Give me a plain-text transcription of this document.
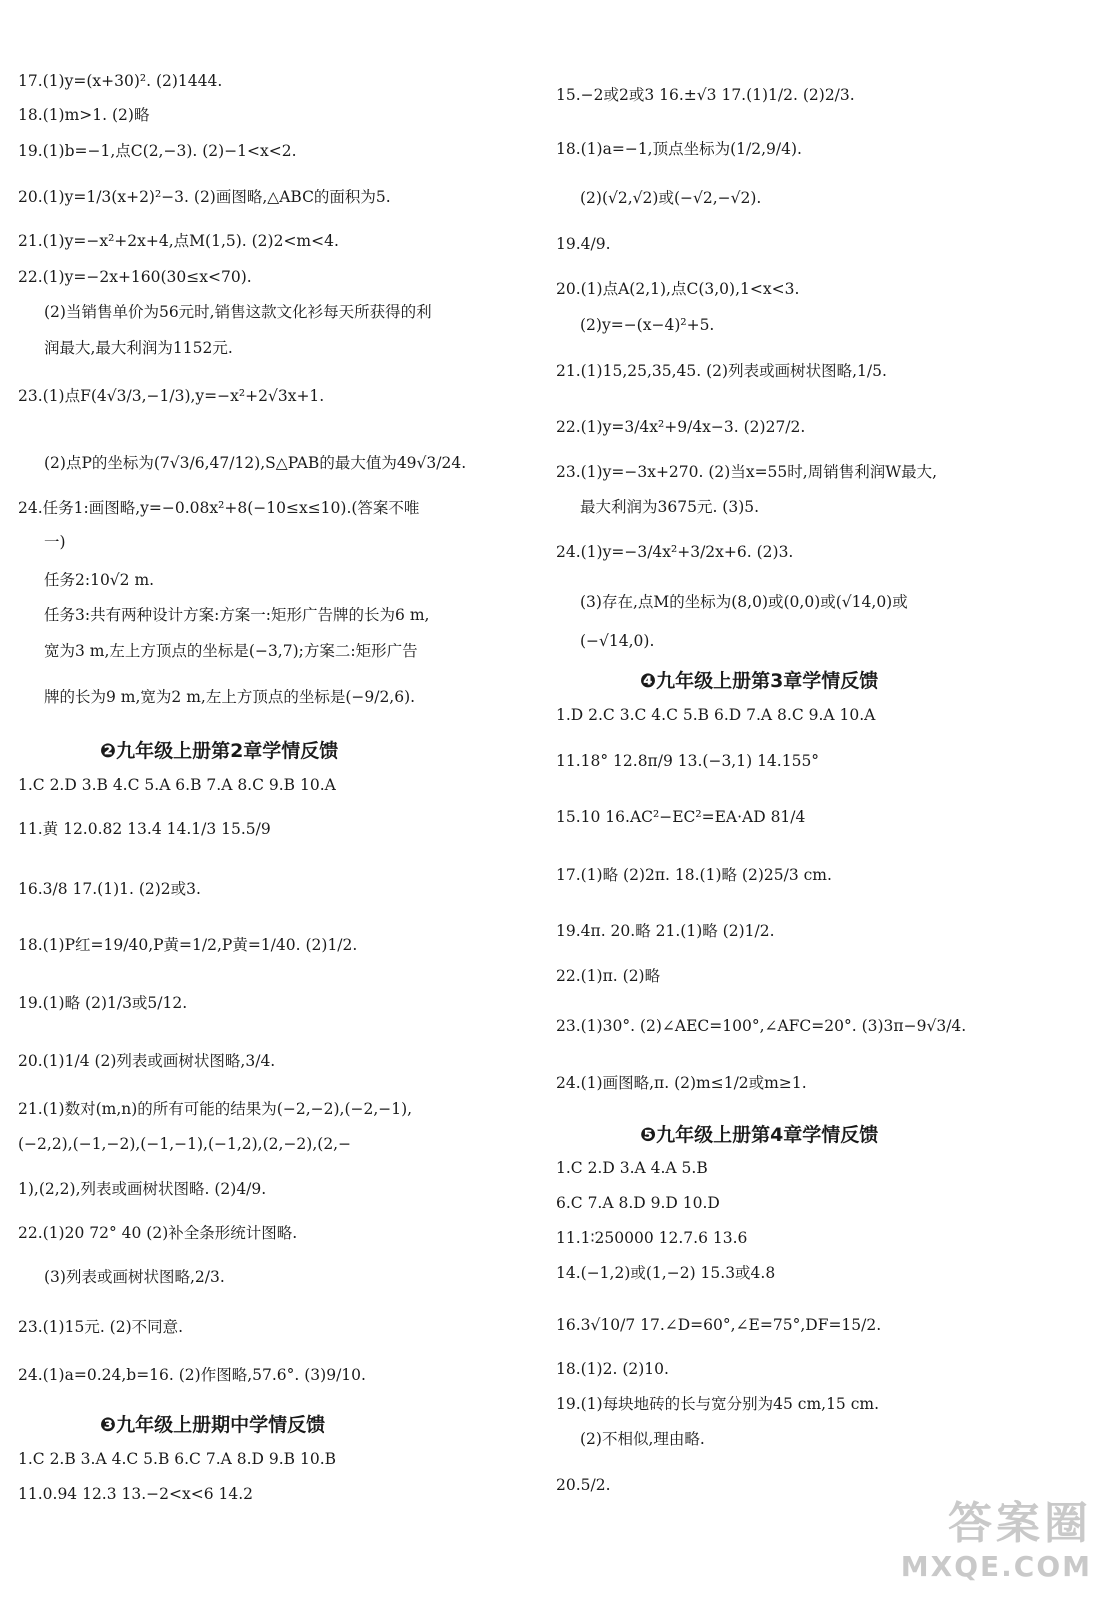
17.(1)y=(x+30)². (2)1444.
18.(1)m>1. (2)略
19.(1)b=−1,点C(2,−3). (2)−1<x<2.
20.(1)y=1/3(x+2)²−3. (2)画图略,△ABC的面积为5.
21.(1)y=−x²+2x+4,点M(1,5). (2)2<m<4.
22.(1)y=−2x+160(30≤x<70).
(2)当销售单价为56元时,销售这款文化衫每天所获得的利
润最大,最大利润为1152元.
23.(1)点F(4√3/3,−1/3),y=−x²+2√3x+1.
(2)点P的坐标为(7√3/6,47/12),S△PAB的最大值为49√3/24.
24.任务1:画图略,y=−0.08x²+8(−10≤x≤10).(答案不唯
一)
任务2:10√2 m.
任务3:共有两种设计方案:方案一:矩形广告牌的长为6 m,
宽为3 m,左上方顶点的坐标是(−3,7);方案二:矩形广告
牌的长为9 m,宽为2 m,左上方顶点的坐标是(−9/2,6).
❷九年级上册第2章学情反馈
1.C 2.D 3.B 4.C 5.A 6.B 7.A 8.C 9.B 10.A
11.黄 12.0.82 13.4 14.1/3 15.5/9
16.3/8 17.(1)1. (2)2或3.
18.(1)P红=19/40,P黄=1/2,P黄=1/40. (2)1/2.
19.(1)略 (2)1/3或5/12.
20.(1)1/4 (2)列表或画树状图略,3/4.
21.(1)数对(m,n)的所有可能的结果为(−2,−2),(−2,−1),
(−2,2),(−1,−2),(−1,−1),(−1,2),(2,−2),(2,−
1),(2,2),列表或画树状图略. (2)4/9.
22.(1)20 72° 40 (2)补全条形统计图略.
(3)列表或画树状图略,2/3.
23.(1)15元. (2)不同意.
24.(1)a=0.24,b=16. (2)作图略,57.6°. (3)9/10.
❸九年级上册期中学情反馈
1.C 2.B 3.A 4.C 5.B 6.C 7.A 8.D 9.B 10.B
11.0.94 12.3 13.−2<x<6 14.2
15.−2或2或3 16.±√3 17.(1)1/2. (2)2/3.
18.(1)a=−1,顶点坐标为(1/2,9/4).
(2)(√2,√2)或(−√2,−√2).
19.4/9.
20.(1)点A(2,1),点C(3,0),1<x<3.
(2)y=−(x−4)²+5.
21.(1)15,25,35,45. (2)列表或画树状图略,1/5.
22.(1)y=3/4x²+9/4x−3. (2)27/2.
23.(1)y=−3x+270. (2)当x=55时,周销售利润W最大,
最大利润为3675元. (3)5.
24.(1)y=−3/4x²+3/2x+6. (2)3.
(3)存在,点M的坐标为(8,0)或(0,0)或(√14,0)或
(−√14,0).
❹九年级上册第3章学情反馈
1.D 2.C 3.C 4.C 5.B 6.D 7.A 8.C 9.A 10.A
11.18° 12.8π/9 13.(−3,1) 14.155°
15.10 16.AC²−EC²=EA·AD 81/4
17.(1)略 (2)2π. 18.(1)略 (2)25/3 cm.
19.4π. 20.略 21.(1)略 (2)1/2.
22.(1)π. (2)略
23.(1)30°. (2)∠AEC=100°,∠AFC=20°. (3)3π−9√3/4.
24.(1)画图略,π. (2)m≤1/2或m≥1.
❺九年级上册第4章学情反馈
1.C 2.D 3.A 4.A 5.B
6.C 7.A 8.D 9.D 10.D
11.1∶250000 12.7.6 13.6
14.(−1,2)或(1,−2) 15.3或4.8
16.3√10/7 17.∠D=60°,∠E=75°,DF=15/2.
18.(1)2. (2)10.
19.(1)每块地砖的长与宽分别为45 cm,15 cm.
(2)不相似,理由略.
20.5/2.
答案圈
MXQE.COM
